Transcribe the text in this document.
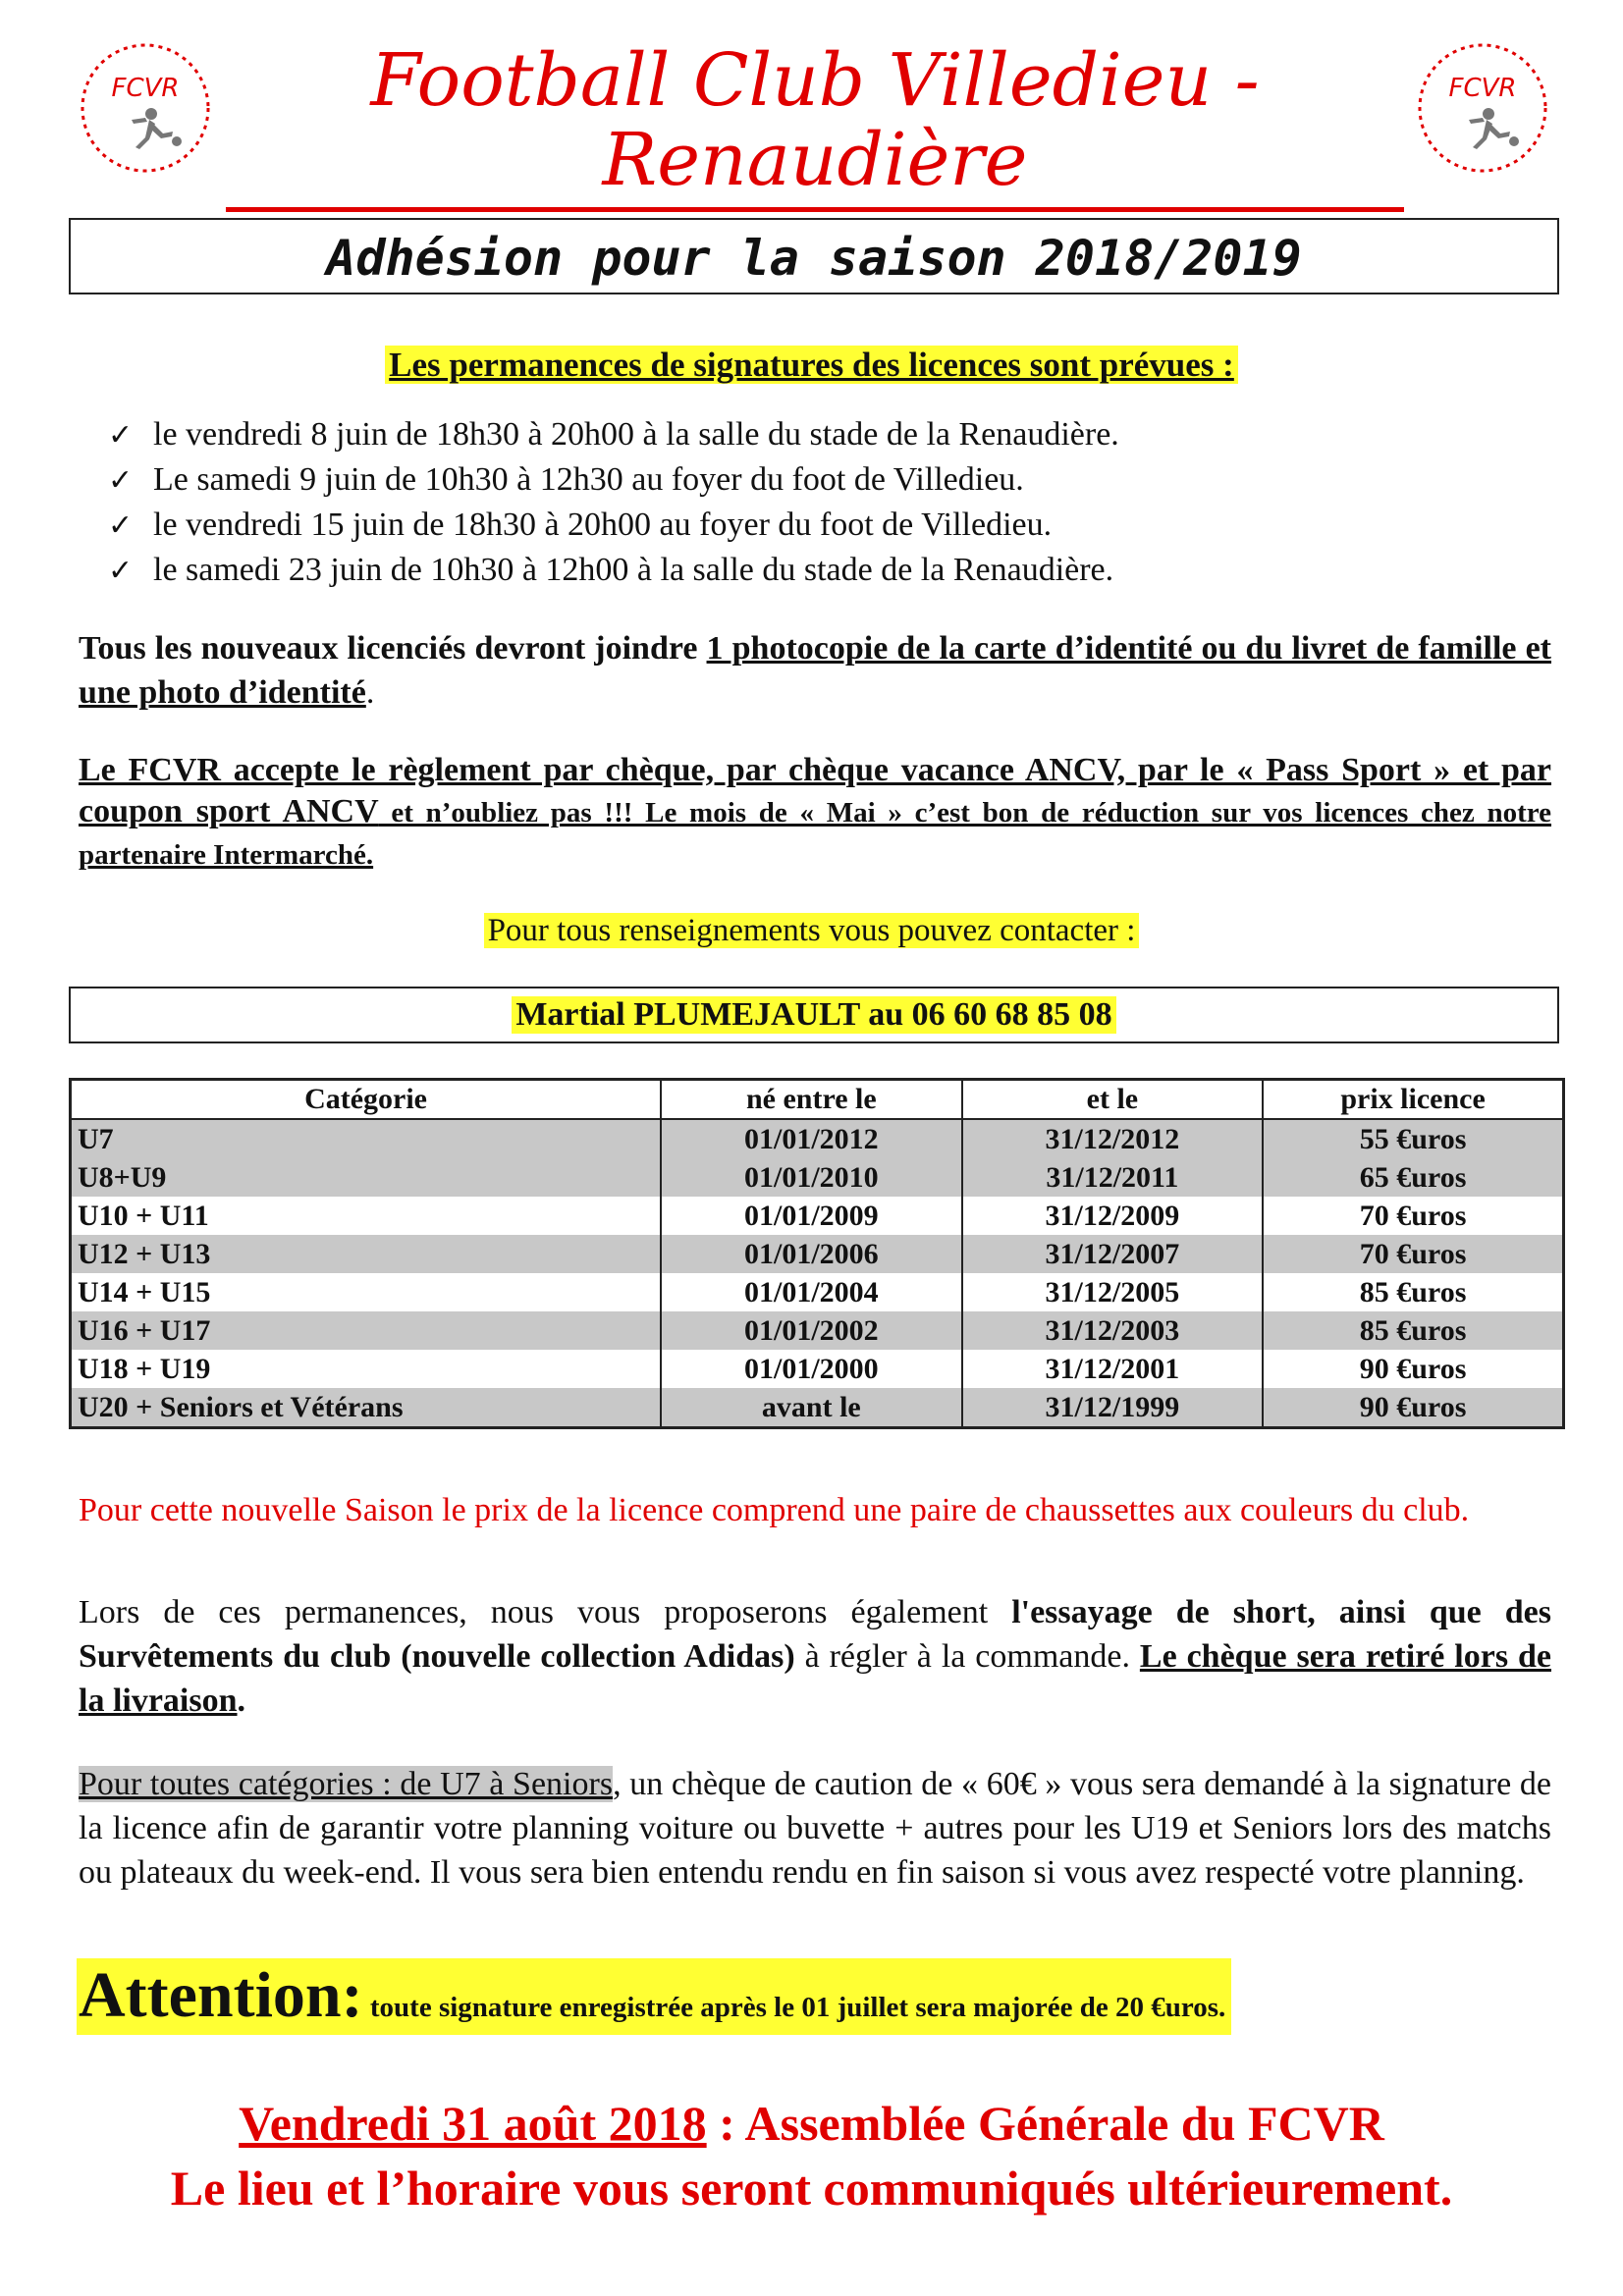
FCVR	FCVR
Football Club Villedieu - Renaudière
Adhésion pour la saison 2018/2019
Les permanences de signatures des licences sont prévues :
✓ le vendredi 8 juin de 18h30 à 20h00 à la salle du stade de la Renaudière.
✓ Le samedi 9 juin de 10h30 à 12h30 au foyer du foot de Villedieu.
✓ le vendredi 15 juin de 18h30 à 20h00 au foyer du foot de Villedieu.
✓ le samedi 23 juin de 10h30 à 12h00 à la salle du stade de la Renaudière.
Tous les nouveaux licenciés devront joindre 1 photocopie de la carte d’identité ou du livret de famille et une photo d’identité.
Le FCVR accepte le règlement par chèque, par chèque vacance ANCV, par le « Pass Sport » et par coupon sport ANCV et n’oubliez pas !!! Le mois de « Mai » c’est bon de réduction sur vos licences chez notre partenaire Intermarché.
Pour tous renseignements vous pouvez contacter :
Martial PLUMEJAULT au 06 60 68 85 08
Catégorie	né entre le	et le	prix licence
U7	01/01/2012	31/12/2012	55 €uros
U8+U9	01/01/2010	31/12/2011	65 €uros
U10 + U11	01/01/2009	31/12/2009	70 €uros
U12 + U13	01/01/2006	31/12/2007	70 €uros
U14 + U15	01/01/2004	31/12/2005	85 €uros
U16 + U17	01/01/2002	31/12/2003	85 €uros
U18 + U19	01/01/2000	31/12/2001	90 €uros
U20 + Seniors et Vétérans	avant le	31/12/1999	90 €uros
Pour cette nouvelle Saison le prix de la licence comprend une paire de chaussettes aux couleurs du club.
Lors de ces permanences, nous vous proposerons également l'essayage de short, ainsi que des Survêtements du club (nouvelle collection Adidas) à régler à la commande. Le chèque sera retiré lors de la livraison.
Pour toutes catégories : de U7 à Seniors, un chèque de caution de « 60€ » vous sera demandé à la signature de la licence afin de garantir votre planning voiture ou buvette + autres pour les U19 et Seniors lors des matchs ou plateaux du week-end. Il vous sera bien entendu rendu en fin saison si vous avez respecté votre planning.
Attention: toute signature enregistrée après le 01 juillet sera majorée de 20 €uros.
Vendredi 31 août 2018 : Assemblée Générale du FCVR
Le lieu et l’horaire vous seront communiqués ultérieurement.
